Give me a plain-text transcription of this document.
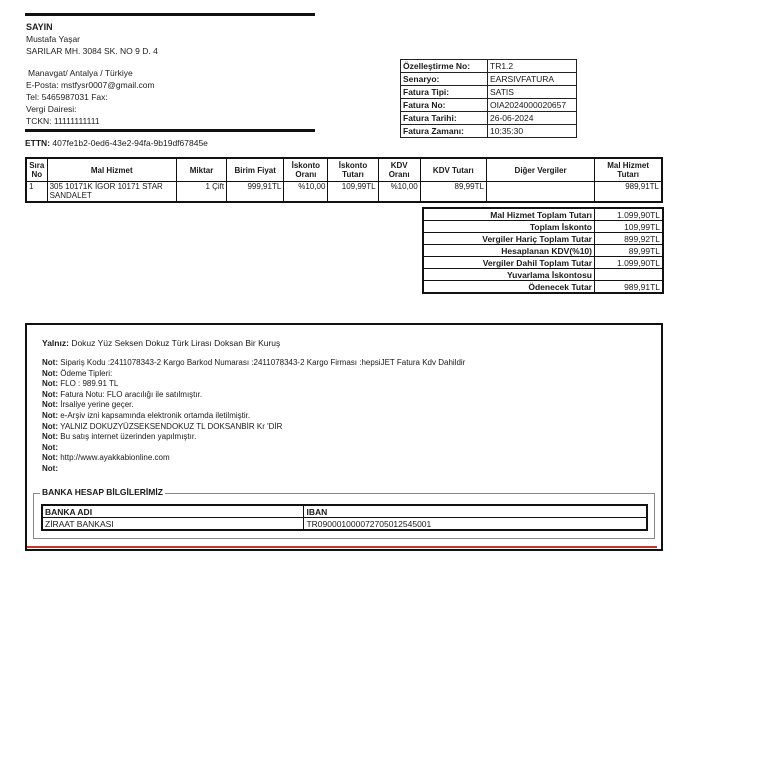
SAYIN
Mustafa Yaşar
SARILAR MH. 3084 SK. NO 9 D. 4
Manavgat/ Antalya / Türkiye
E-Posta: mstfysr0007@gmail.com
Tel: 5465987031 Fax:
Vergi Dairesi:
TCKN: 11111111111
ETTN: 407fe1b2-0ed6-43e2-94fa-9b19df67845e
Özelleştirme No:	TR1.2
Senaryo:	EARSIVFATURA
Fatura Tipi:	SATIS
Fatura No:	OIA2024000020657
Fatura Tarihi:	26-06-2024
Fatura Zamanı:	10:35:30
Sıra No	Mal Hizmet	Miktar	Birim Fiyat	İskonto Oranı	İskonto Tutarı	KDV Oranı	KDV Tutarı	Diğer Vergiler	Mal Hizmet Tutarı
1	305 10171K İGOR 10171 STAR SANDALET	1 Çift	999,91TL	%10,00	109,99TL	%10,00	89,99TL		989,91TL
Mal Hizmet Toplam Tutarı	1.099,90TL
Toplam İskonto	109,99TL
Vergiler Hariç Toplam Tutar	899,92TL
Hesaplanan KDV(%10)	89,99TL
Vergiler Dahil Toplam Tutar	1.099,90TL
Yuvarlama İskontosu	
Ödenecek Tutar	989,91TL
Yalnız: Dokuz Yüz Seksen Dokuz Türk Lirası Doksan Bir Kuruş
Not: Sipariş Kodu :2411078343-2 Kargo Barkod Numarası :2411078343-2 Kargo Firması :hepsiJET Fatura Kdv Dahildir
Not: Ödeme Tipleri:
Not: FLO : 989.91 TL
Not: Fatura Notu: FLO aracılığı ile satılmıştır.
Not: İrsaliye yerine geçer.
Not: e-Arşiv izni kapsamında elektronik ortamda iletilmiştir.
Not: YALNIZ DOKUZYÜZSEKSENDOKUZ TL DOKSANBİR Kr 'DİR
Not: Bu satış internet üzerinden yapılmıştır.
Not:
Not: http://www.ayakkabionline.com
Not:
BANKA HESAP BİLGİLERİMİZ
BANKA ADI	IBAN
ZİRAAT BANKASI	TR090001000072705012545001
